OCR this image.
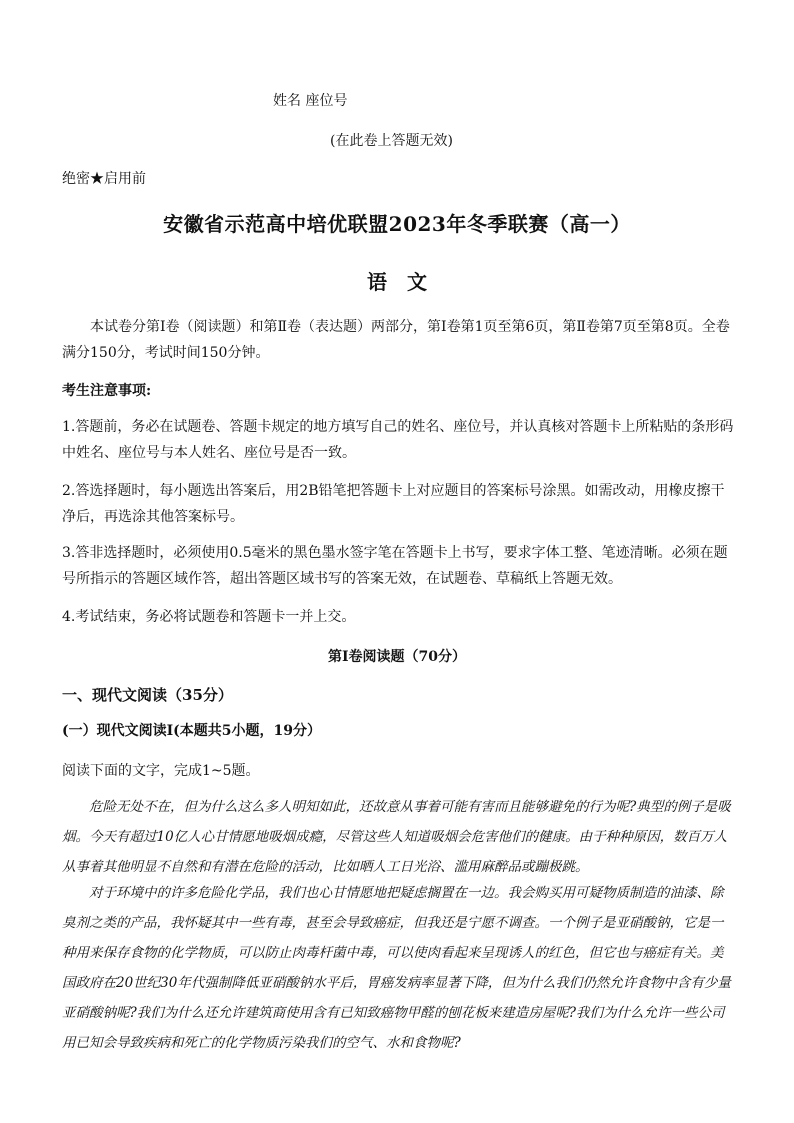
姓名 座位号
(在此卷上答题无效)
绝密★启用前
安徽省示范高中培优联盟2023年冬季联赛（高一）
语　文
本试卷分第Ⅰ卷（阅读题）和第Ⅱ卷（表达题）两部分，第Ⅰ卷第1页至第6页，第Ⅱ卷第7页至第8页。全卷满分150分，考试时间150分钟。
考生注意事项:
1.答题前，务必在试题卷、答题卡规定的地方填写自己的姓名、座位号，并认真核对答题卡上所粘贴的条形码中姓名、座位号与本人姓名、座位号是否一致。
2.答选择题时，每小题选出答案后，用2B铅笔把答题卡上对应题目的答案标号涂黑。如需改动，用橡皮擦干净后，再选涂其他答案标号。
3.答非选择题时，必须使用0.5毫米的黑色墨水签字笔在答题卡上书写，要求字体工整、笔迹清晰。必须在题号所指示的答题区域作答，超出答题区域书写的答案无效，在试题卷、草稿纸上答题无效。
4.考试结束，务必将试题卷和答题卡一并上交。
第Ⅰ卷阅读题（70分）
一、现代文阅读（35分）
(一）现代文阅读Ⅰ(本题共5小题，19分）
阅读下面的文字，完成1~5题。
危险无处不在，但为什么这么多人明知如此，还故意从事着可能有害而且能够避免的行为呢?典型的例子是吸烟。今天有超过10亿人心甘情愿地吸烟成瘾，尽管这些人知道吸烟会危害他们的健康。由于种种原因，数百万人从事着其他明显不自然和有潜在危险的活动，比如晒人工日光浴、滥用麻醉品或蹦极跳。
对于环境中的许多危险化学品，我们也心甘情愿地把疑虑搁置在一边。我会购买用可疑物质制造的油漆、除臭剂之类的产品，我怀疑其中一些有毒，甚至会导致癌症，但我还是宁愿不调查。一个例子是亚硝酸钠，它是一种用来保存食物的化学物质，可以防止肉毒杆菌中毒，可以使肉看起来呈现诱人的红色，但它也与癌症有关。美国政府在20世纪30年代强制降低亚硝酸钠水平后，胃癌发病率显著下降，但为什么我们仍然允许食物中含有少量亚硝酸钠呢?我们为什么还允许建筑商使用含有已知致癌物甲醛的刨花板来建造房屋呢?我们为什么允许一些公司用已知会导致疾病和死亡的化学物质污染我们的空气、水和食物呢?
